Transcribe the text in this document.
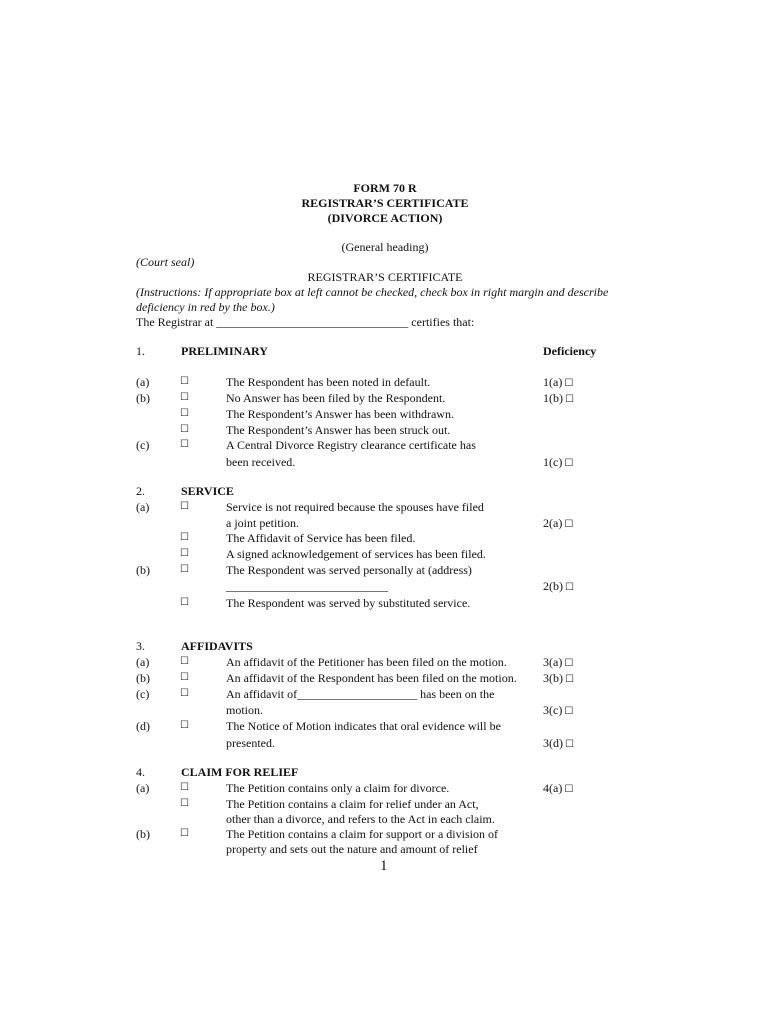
FORM 70 R
REGISTRAR’S CERTIFICATE
(DIVORCE ACTION)
(General heading)
(Court seal)
REGISTRAR’S CERTIFICATE
(Instructions: If appropriate box at left cannot be checked, check box in right margin and describe
deficiency in red by the box.)
The Registrar at ________________________________ certifies that:
1.	PRELIMINARY	Deficiency
(a)	☐	The Respondent has been noted in default.	1(a) ☐
(b)	☐	No Answer has been filed by the Respondent.	1(b) ☐
☐	The Respondent’s Answer has been withdrawn.
☐	The Respondent’s Answer has been struck out.
(c)	☐	A Central Divorce Registry clearance certificate has
been received.	1(c) ☐
2.	SERVICE
(a)	☐	Service is not required because the spouses have filed
a joint petition.	2(a) ☐
☐	The Affidavit of Service has been filed.
☐	A signed acknowledgement of services has been filed.
(b)	☐	The Respondent was served personally at (address)
___________________________	2(b) ☐
☐	The Respondent was served by substituted service.
3.	AFFIDAVITS
(a)	☐	An affidavit of the Petitioner has been filed on the motion.	3(a) ☐
(b)	☐	An affidavit of the Respondent has been filed on the motion. 3(b) ☐
(c)	☐	An affidavit of____________________ has been on the
motion.	3(c) ☐
(d)	☐	The Notice of Motion indicates that oral evidence will be
presented.	3(d) ☐
4.	CLAIM FOR RELIEF
(a)	☐	The Petition contains only a claim for divorce.	4(a) ☐
☐	The Petition contains a claim for relief under an Act,
other than a divorce, and refers to the Act in each claim.
(b)	☐	The Petition contains a claim for support or a division of
property and sets out the nature and amount of relief
1
